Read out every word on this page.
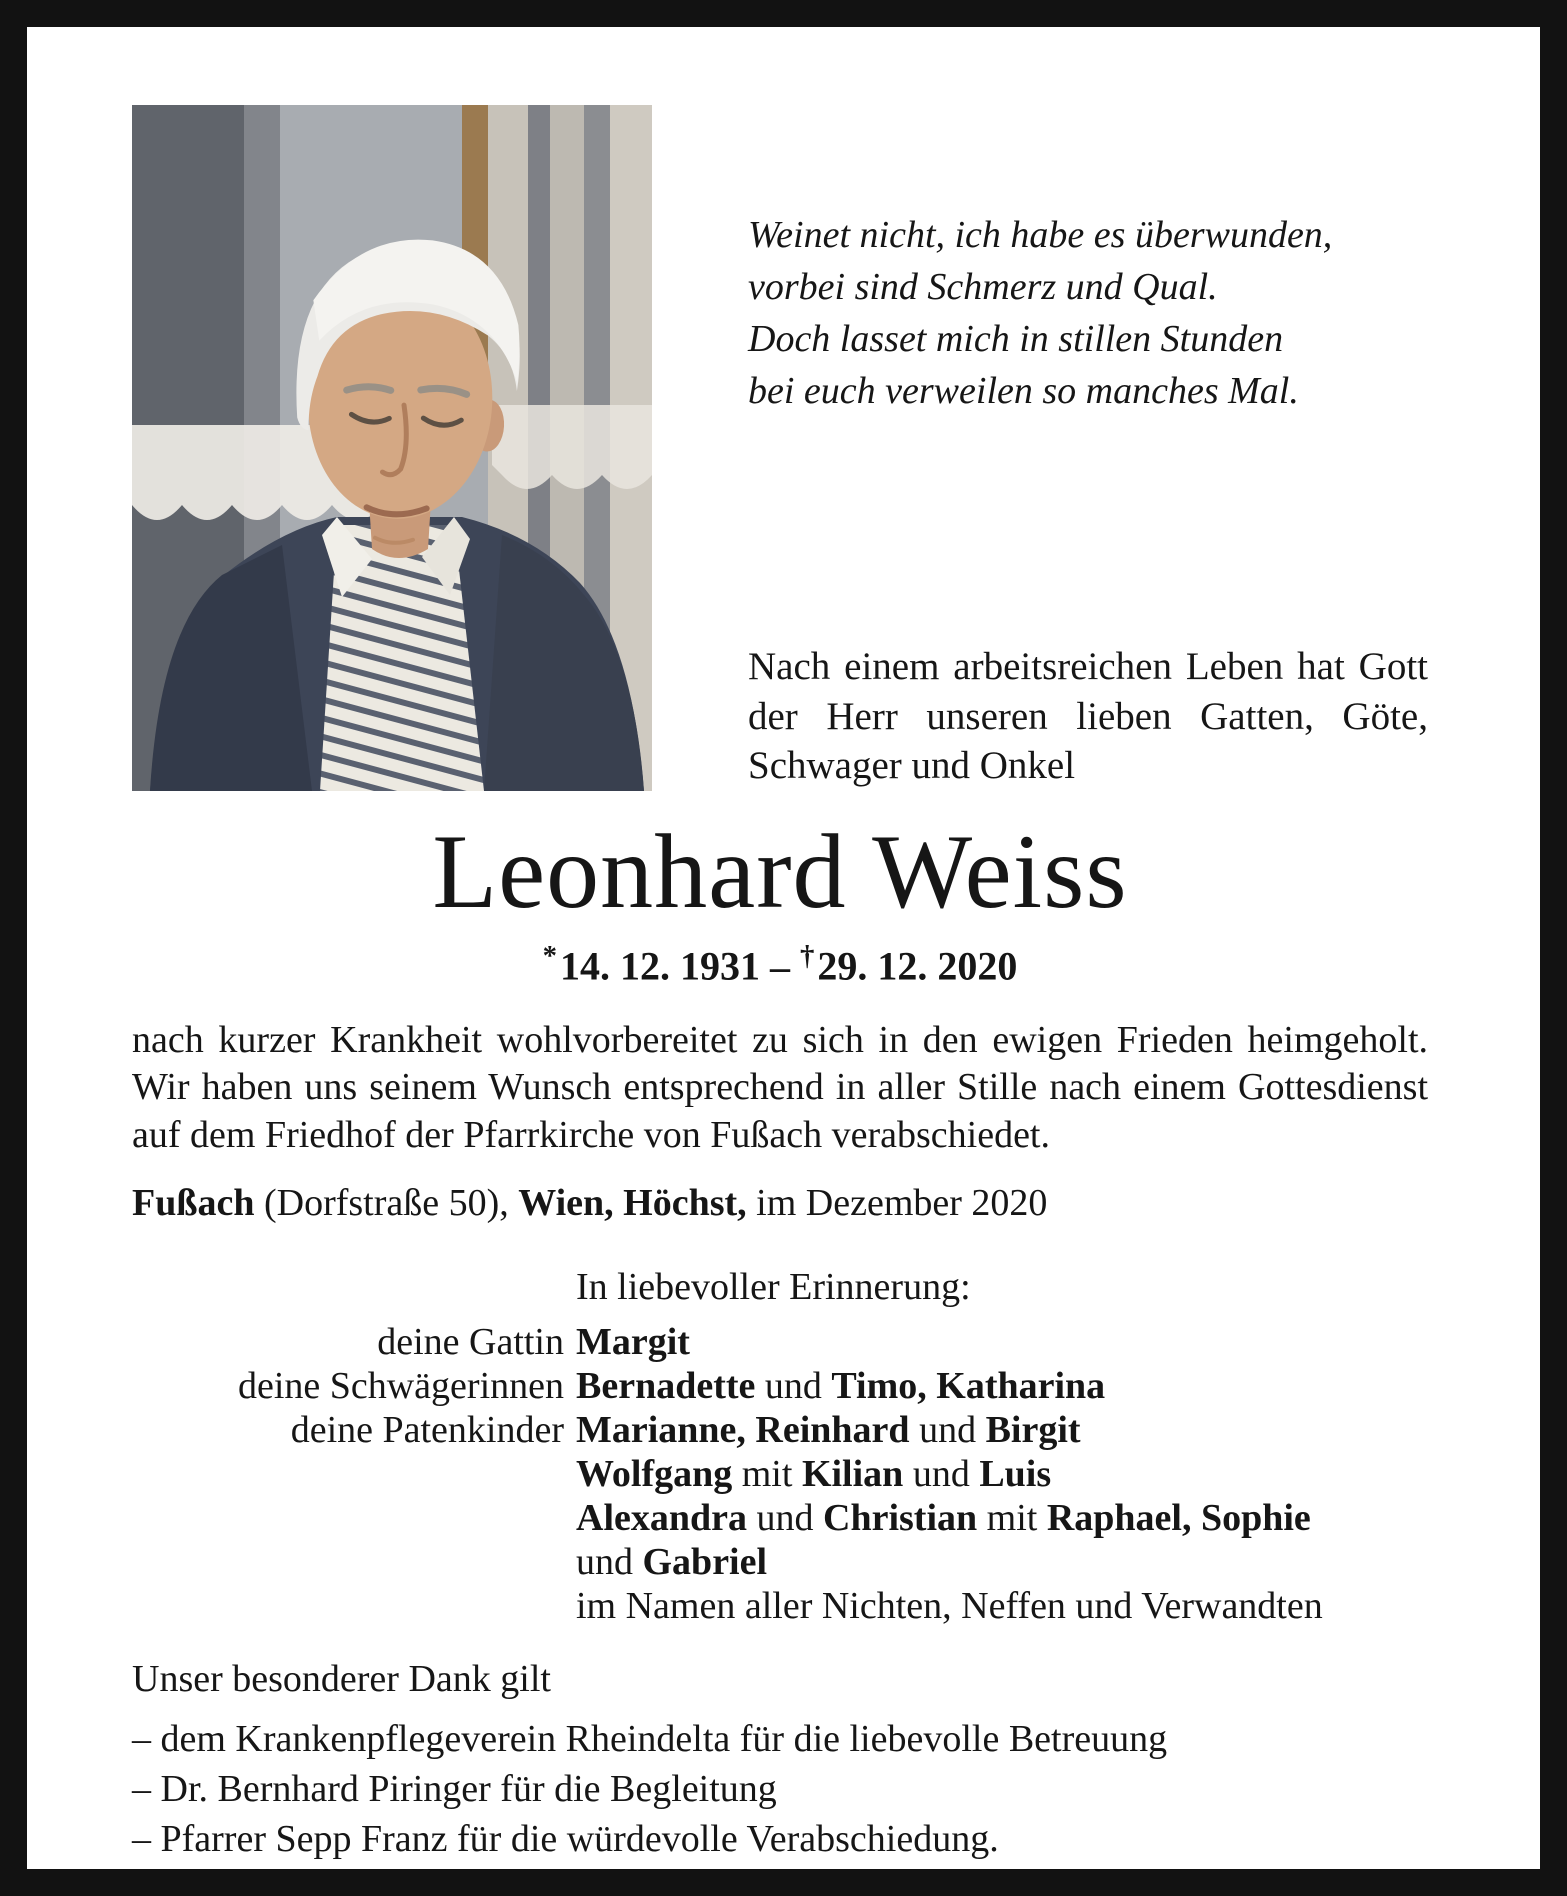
Weinet nicht, ich habe es überwunden,
vorbei sind Schmerz und Qual.
Doch lasset mich in stillen Stunden
bei euch verweilen so manches Mal.
Nach einem arbeitsreichen Leben hat Gott der Herr unseren lieben Gatten, Göte, Schwager und Onkel
Leonhard Weiss
*14. 12. 1931 – †29. 12. 2020

nach kurzer Krankheit wohlvorbereitet zu sich in den ewigen Frieden heimgeholt. Wir haben uns seinem Wunsch entsprechend in aller Stille nach einem Gottesdienst auf dem Friedhof der Pfarrkirche von Fußach verabschiedet.

Fußach (Dorfstraße 50), Wien, Höchst, im Dezember 2020

In liebevoller Erinnerung:
deine Gattin Margit
deine Schwägerinnen Bernadette und Timo, Katharina
deine Patenkinder Marianne, Reinhard und Birgit
Wolfgang mit Kilian und Luis
Alexandra und Christian mit Raphael, Sophie
und Gabriel
im Namen aller Nichten, Neffen und Verwandten
Unser besonderer Dank gilt
– dem Krankenpflegeverein Rheindelta für die liebevolle Betreuung
– Dr. Bernhard Piringer für die Begleitung
– Pfarrer Sepp Franz für die würdevolle Verabschiedung.
